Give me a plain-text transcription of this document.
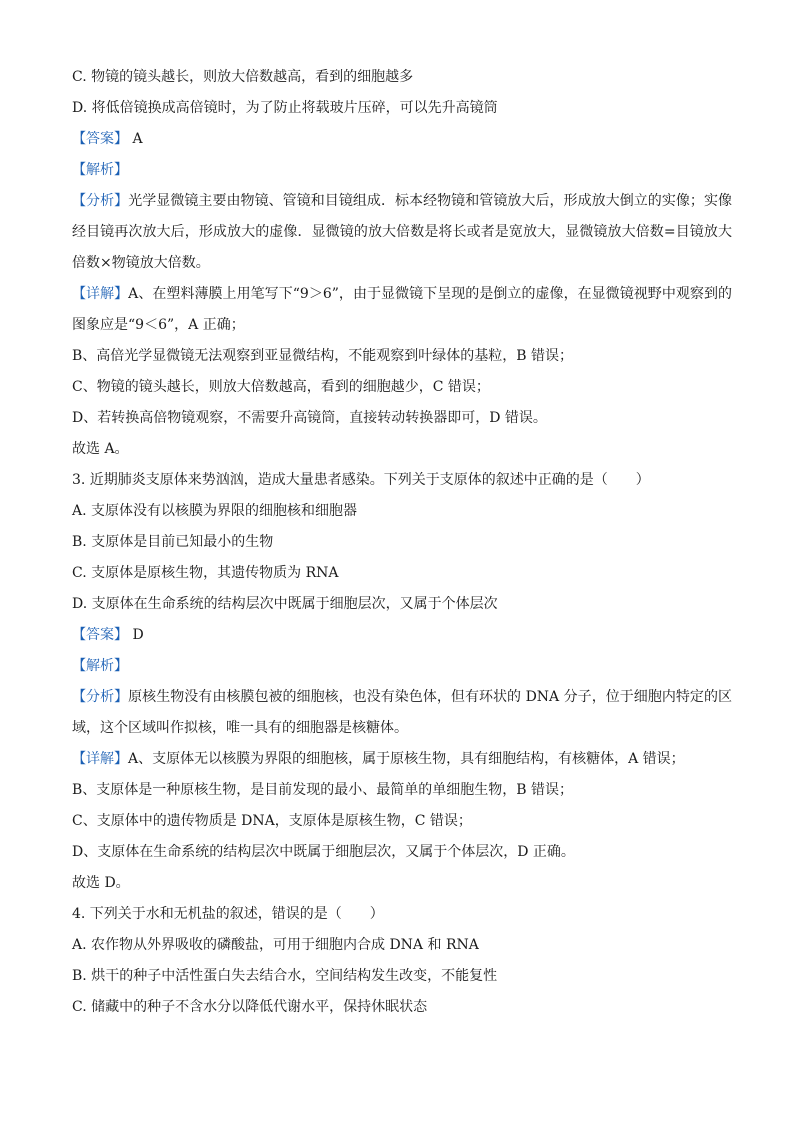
C. 物镜的镜头越长，则放大倍数越高，看到的细胞越多
D. 将低倍镜换成高倍镜时，为了防止将载玻片压碎，可以先升高镜筒
【答案】 A
【解析】
【分析】光学显微镜主要由物镜、管镜和目镜组成．标本经物镜和管镜放大后，形成放大倒立的实像；实像经目镜再次放大后，形成放大的虚像．显微镜的放大倍数是将长或者是宽放大，显微镜放大倍数=目镜放大倍数×物镜放大倍数。
【详解】A、在塑料薄膜上用笔写下“9＞6”，由于显微镜下呈现的是倒立的虚像，在显微镜视野中观察到的图象应是“9＜6”，A 正确；
B、高倍光学显微镜无法观察到亚显微结构，不能观察到叶绿体的基粒，B 错误；
C、物镜的镜头越长，则放大倍数越高，看到的细胞越少，C 错误；
D、若转换高倍物镜观察，不需要升高镜筒，直接转动转换器即可，D 错误。
故选 A。
3. 近期肺炎支原体来势汹汹，造成大量患者感染。下列关于支原体的叙述中正确的是（　　）
A. 支原体没有以核膜为界限的细胞核和细胞器
B. 支原体是目前已知最小的生物
C. 支原体是原核生物，其遗传物质为 RNA
D. 支原体在生命系统的结构层次中既属于细胞层次，又属于个体层次
【答案】 D
【解析】
【分析】原核生物没有由核膜包被的细胞核，也没有染色体，但有环状的 DNA 分子，位于细胞内特定的区域，这个区域叫作拟核，唯一具有的细胞器是核糖体。
【详解】A、支原体无以核膜为界限的细胞核，属于原核生物，具有细胞结构，有核糖体，A 错误；
B、支原体是一种原核生物，是目前发现的最小、最简单的单细胞生物，B 错误；
C、支原体中的遗传物质是 DNA，支原体是原核生物，C 错误；
D、支原体在生命系统的结构层次中既属于细胞层次，又属于个体层次，D 正确。
故选 D。
4. 下列关于水和无机盐的叙述，错误的是（　　）
A. 农作物从外界吸收的磷酸盐，可用于细胞内合成 DNA 和 RNA
B. 烘干的种子中活性蛋白失去结合水，空间结构发生改变，不能复性
C. 储藏中的种子不含水分以降低代谢水平，保持休眠状态
